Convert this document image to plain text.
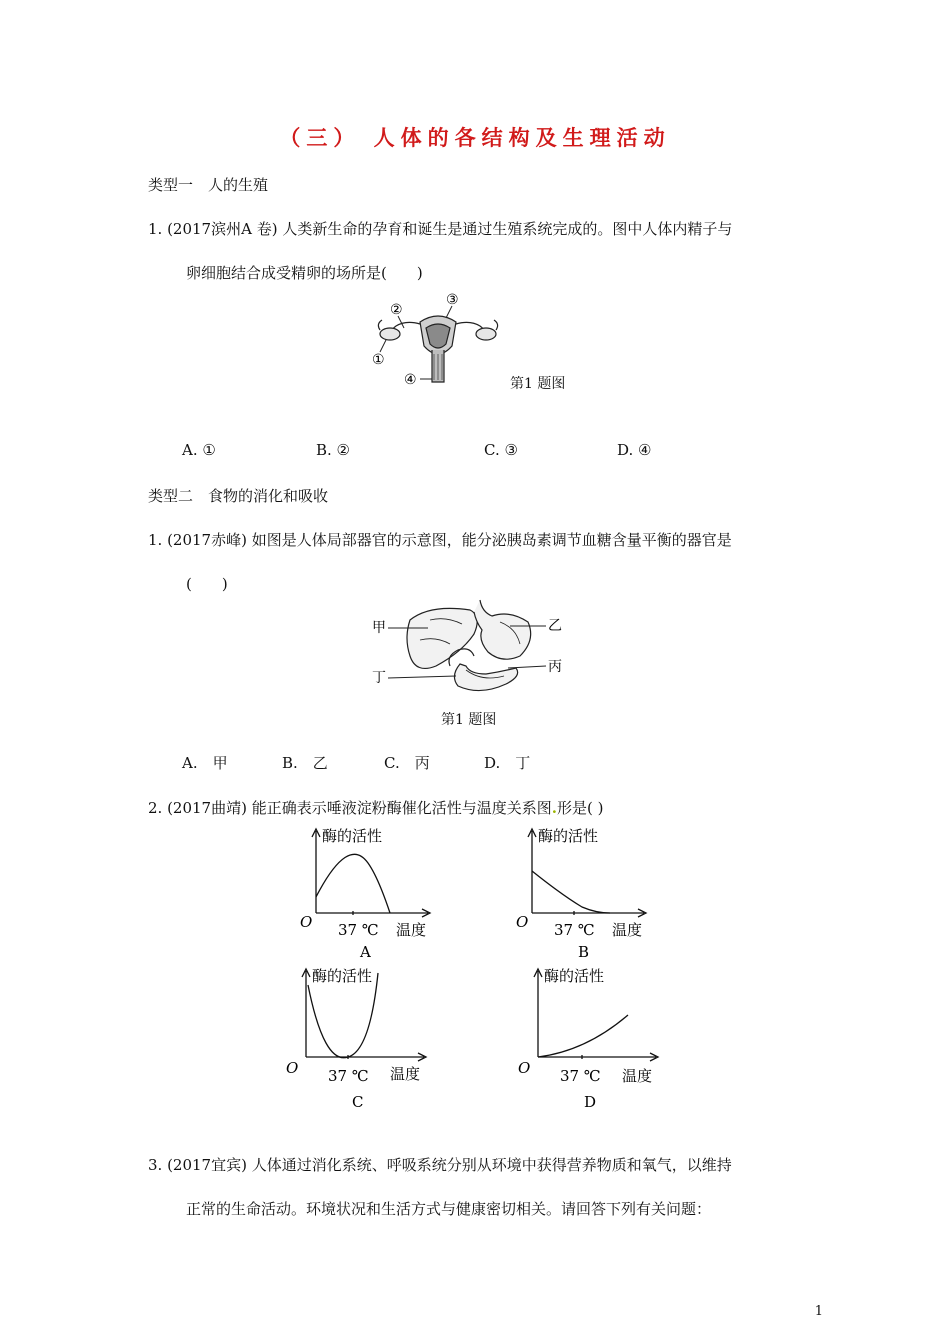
（三） 人体的各结构及生理活动
类型一　人的生殖
1. (2017滨州A 卷) 人类新生命的孕育和诞生是通过生殖系统完成的。图中人体内精子与
卵细胞结合成受精卵的场所是(　　)
②
③
①
④	第1 题图
A. ①	B. ②	C. ③	D. ④
类型二　食物的消化和吸收
1. (2017赤峰) 如图是人体局部器官的示意图，能分泌胰岛素调节血糖含量平衡的器官是
(　　)
甲	乙
丙
丁
第1 题图
A.　甲	B.　乙	C.　丙	D.　丁
2. (2017曲靖) 能正确表示唾液淀粉酶催化活性与温度关系图.形是( )
酶的活性
O 37 ℃ 温度
A
酶的活性
O 37 ℃ 温度
B
酶的活性
O 37 ℃ 温度
C
酶的活性
O 37 ℃ 温度
D
3. (2017宜宾) 人体通过消化系统、呼吸系统分别从环境中获得营养物质和氧气，以维持
正常的生命活动。环境状况和生活方式与健康密切相关。请回答下列有关问题：
1
